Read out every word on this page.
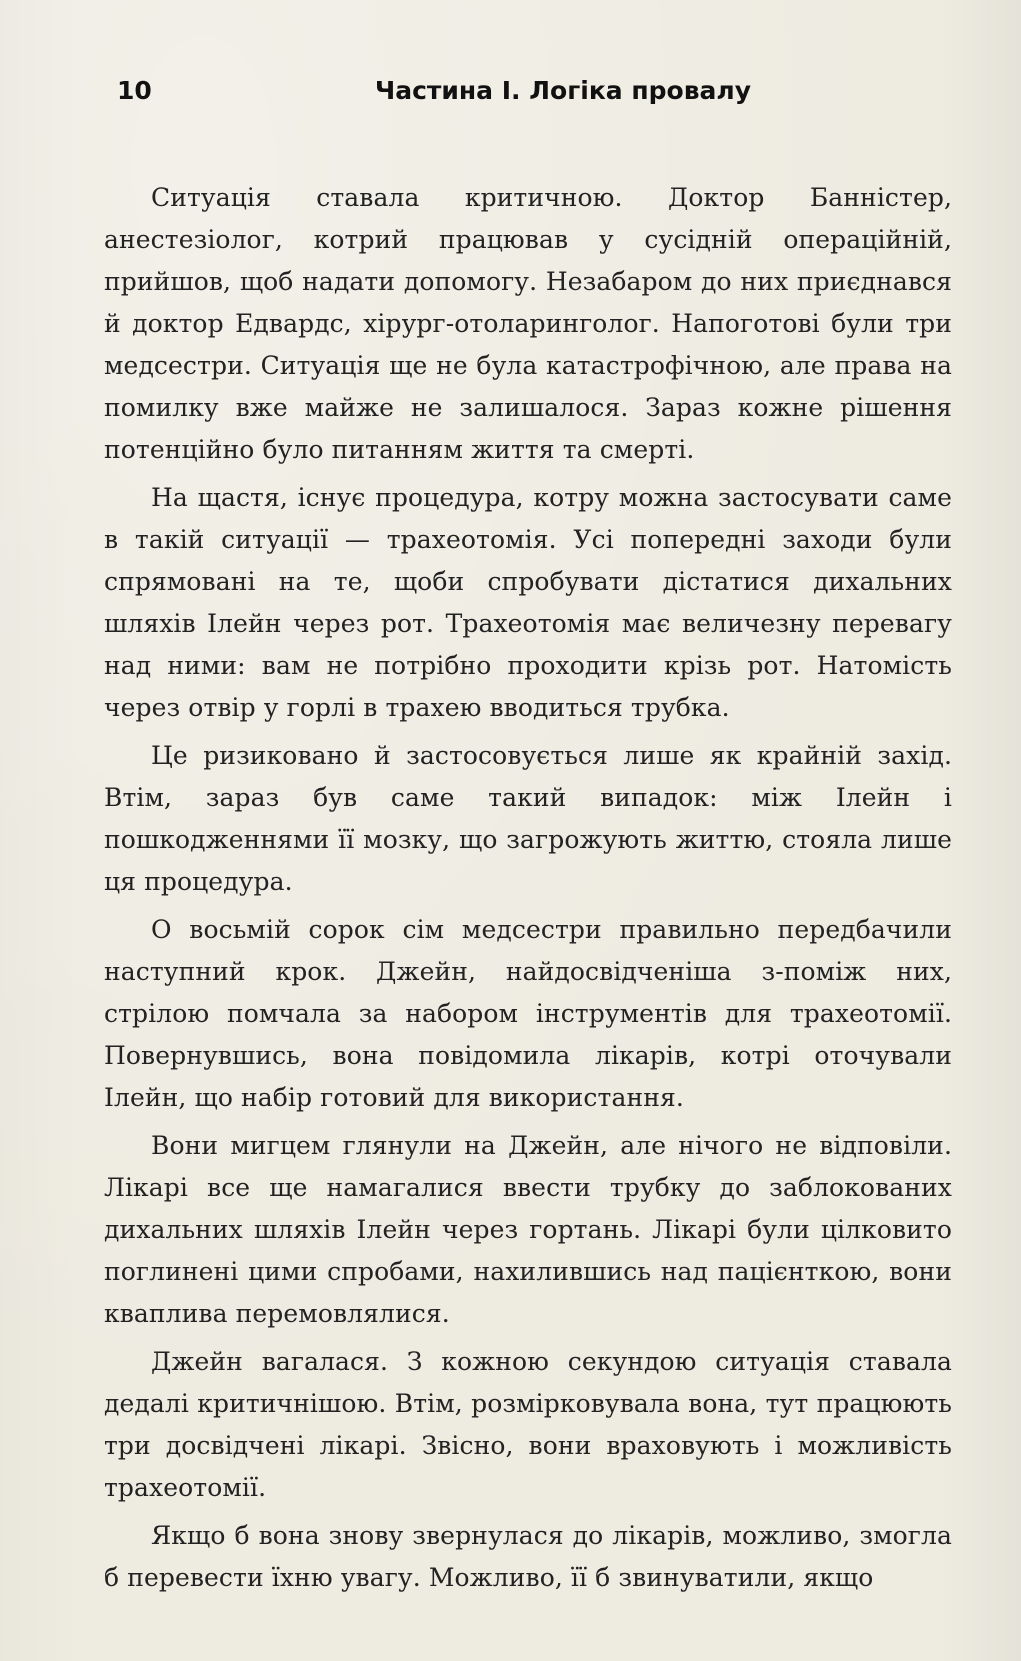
10	Частина І. Логіка провалу

Ситуація ставала критичною. Доктор Банністер, анестезіолог, котрий працював у сусідній операційній, прийшов, щоб надати допомогу. Незабаром до них приєднався й доктор Едвардс, хірург-отоларинголог. Напоготові були три медсестри. Ситуація ще не була катастрофічною, але права на помилку вже майже не залишалося. Зараз кожне рішення потенційно було питанням життя та смерті.

На щастя, існує процедура, котру можна застосувати саме в такій ситуації — трахеотомія. Усі попередні заходи були спрямовані на те, щоби спробувати дістатися дихальних шляхів Ілейн через рот. Трахеотомія має величезну перевагу над ними: вам не потрібно проходити крізь рот. Натомість через отвір у горлі в трахею вводиться трубка.

Це ризиковано й застосовується лише як крайній захід. Втім, зараз був саме такий випадок: між Ілейн і пошкодженнями її мозку, що загрожують життю, стояла лише ця процедура.

О восьмій сорок сім медсестри правильно передбачили наступний крок. Джейн, найдосвідченіша з-поміж них, стрілою помчала за набором інструментів для трахеотомії. Повернувшись, вона повідомила лікарів, котрі оточували Ілейн, що набір готовий для використання.

Вони мигцем глянули на Джейн, але нічого не відповіли. Лікарі все ще намагалися ввести трубку до заблокованих дихальних шляхів Ілейн через гортань. Лікарі були цілковито поглинені цими спробами, нахилившись над пацієнткою, вони кваплива перемовлялися.

Джейн вагалася. З кожною секундою ситуація ставала дедалі критичнішою. Втім, розмірковувала вона, тут працюють три досвідчені лікарі. Звісно, вони враховують і можливість трахеотомії.

Якщо б вона знову звернулася до лікарів, можливо, змогла б перевести їхню увагу. Можливо, її б звинуватили, якщо
